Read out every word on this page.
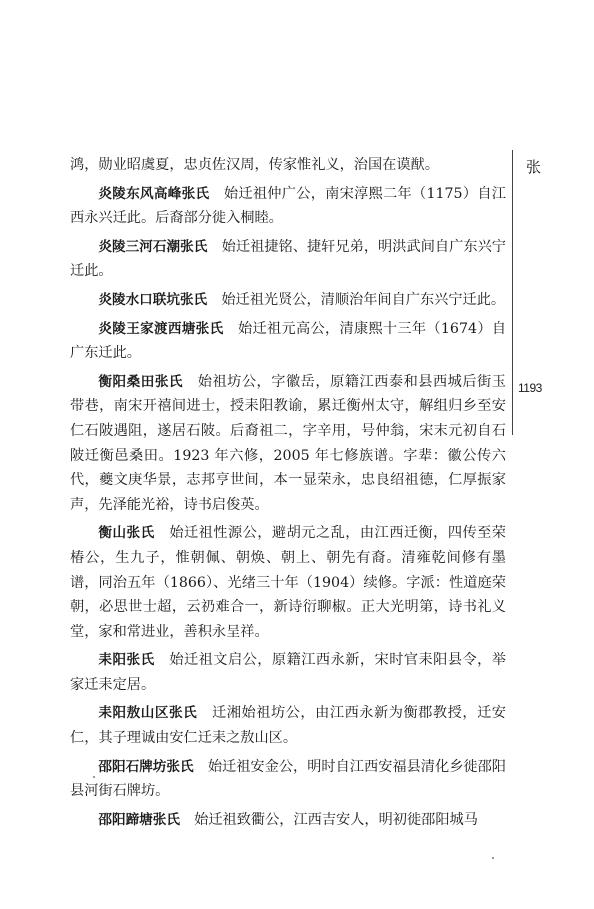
张
1193

鸿，勋业昭虞夏，忠贞佐汉周，传家惟礼义，治国在谟猷。

炎陵东风高峰张氏　 始迁祖仲广公，南宋淳熙二年（1175）自江西永兴迁此。后裔部分徙入桐睦。

炎陵三河石潮张氏　 始迁祖捷铭、捷轩兄弟，明洪武间自广东兴宁迁此。

炎陵水口联坑张氏　 始迁祖光贤公，清顺治年间自广东兴宁迁此。

炎陵王家渡西塘张氏　 始迁祖元高公，清康熙十三年（1674）自广东迁此。

衡阳桑田张氏　 始祖坊公，字徽岳，原籍江西泰和县西城后街玉带巷，南宋开禧间进士，授耒阳教谕，累迁衡州太守，解组归乡至安仁石陂遇阻，遂居石陂。后裔祖二，字辛用，号仲翁，宋末元初自石陂迁衡邑桑田。1923 年六修，2005 年七修族谱。字辈：徽公传六代，夔文庚华景，志邦亨世间，本一显荣永，忠良绍祖德，仁厚振家声，先泽能光裕，诗书启俊英。

衡山张氏　 始迁祖性源公，避胡元之乱，由江西迁衡，四传至荣椿公，生九子，惟朝佩、朝焕、朝上、朝先有裔。清雍乾间修有墨谱，同治五年（1866）、光绪三十年（1904）续修。字派：性道庭荣朝，必思世士超，云礽难合一，新诗衍聊椒。正大光明第，诗书礼义堂，家和常进业，善积永呈祥。

耒阳张氏　 始迁祖文启公，原籍江西永新，宋时官耒阳县令，举家迁耒定居。

耒阳敖山区张氏　 迁湘始祖坊公，由江西永新为衡郡教授，迁安仁，其子理诚由安仁迁耒之敖山区。

邵阳石牌坊张氏　 始迁祖安金公，明时自江西安福县清化乡徙邵阳县河街石牌坊。

邵阳蹄塘张氏　 始迁祖致衢公，江西吉安人，明初徙邵阳城马
